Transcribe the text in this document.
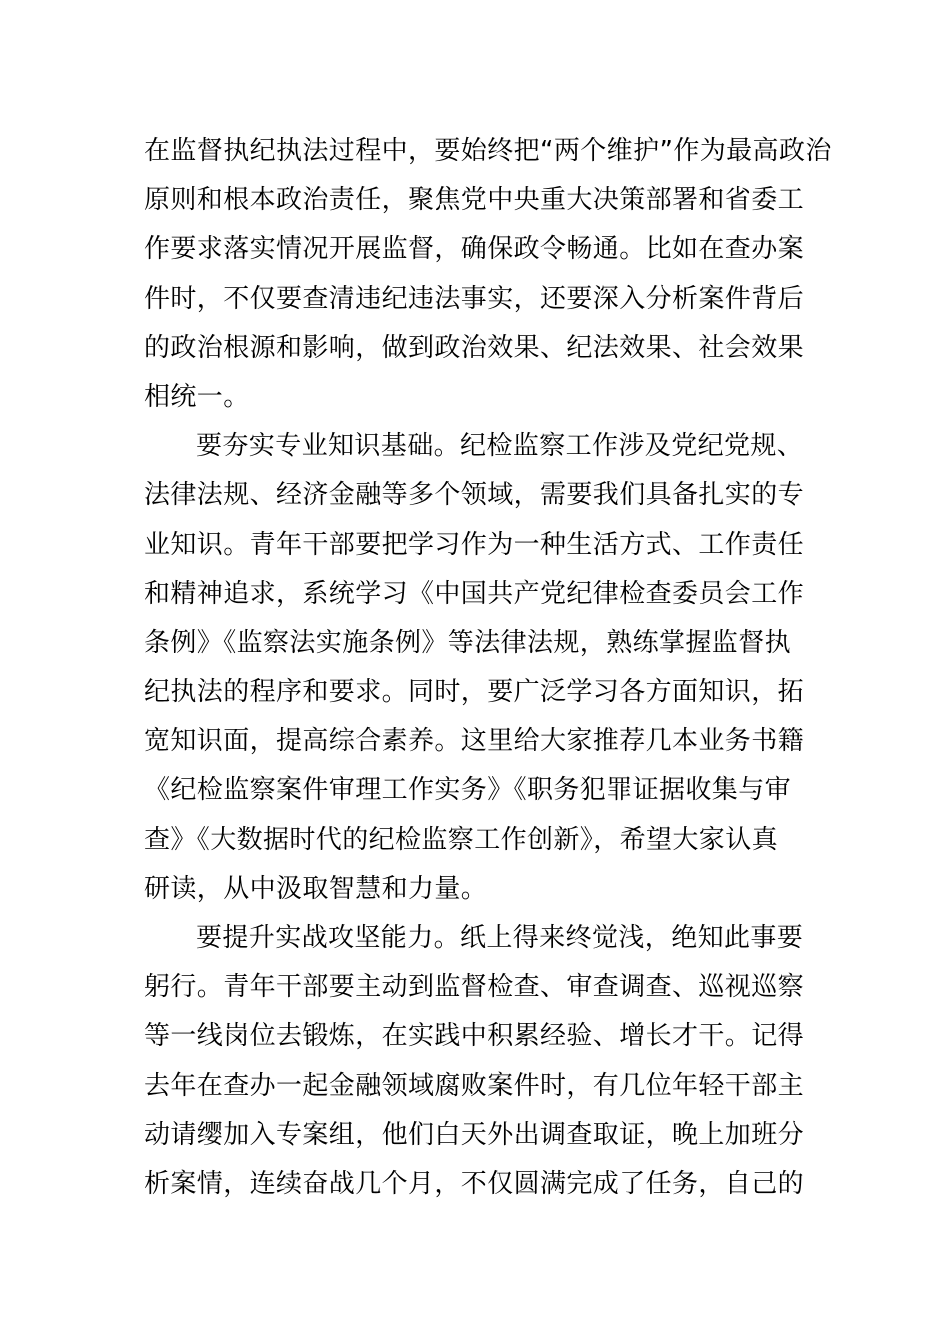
在监督执纪执法过程中，要始终把“两个维护”作为最高政治
原则和根本政治责任，聚焦党中央重大决策部署和省委工
作要求落实情况开展监督，确保政令畅通。比如在查办案
件时，不仅要查清违纪违法事实，还要深入分析案件背后
的政治根源和影响，做到政治效果、纪法效果、社会效果
相统一。
要夯实专业知识基础。纪检监察工作涉及党纪党规、
法律法规、经济金融等多个领域，需要我们具备扎实的专
业知识。青年干部要把学习作为一种生活方式、工作责任
和精神追求，系统学习《中国共产党纪律检查委员会工作
条例》《监察法实施条例》等法律法规，熟练掌握监督执
纪执法的程序和要求。同时，要广泛学习各方面知识，拓
宽知识面，提高综合素养。这里给大家推荐几本业务书籍
《纪检监察案件审理工作实务》《职务犯罪证据收集与审
查》《大数据时代的纪检监察工作创新》，希望大家认真
研读，从中汲取智慧和力量。
要提升实战攻坚能力。纸上得来终觉浅，绝知此事要
躬行。青年干部要主动到监督检查、审查调查、巡视巡察
等一线岗位去锻炼，在实践中积累经验、增长才干。记得
去年在查办一起金融领域腐败案件时，有几位年轻干部主
动请缨加入专案组，他们白天外出调查取证，晚上加班分
析案情，连续奋战几个月，不仅圆满完成了任务，自己的
